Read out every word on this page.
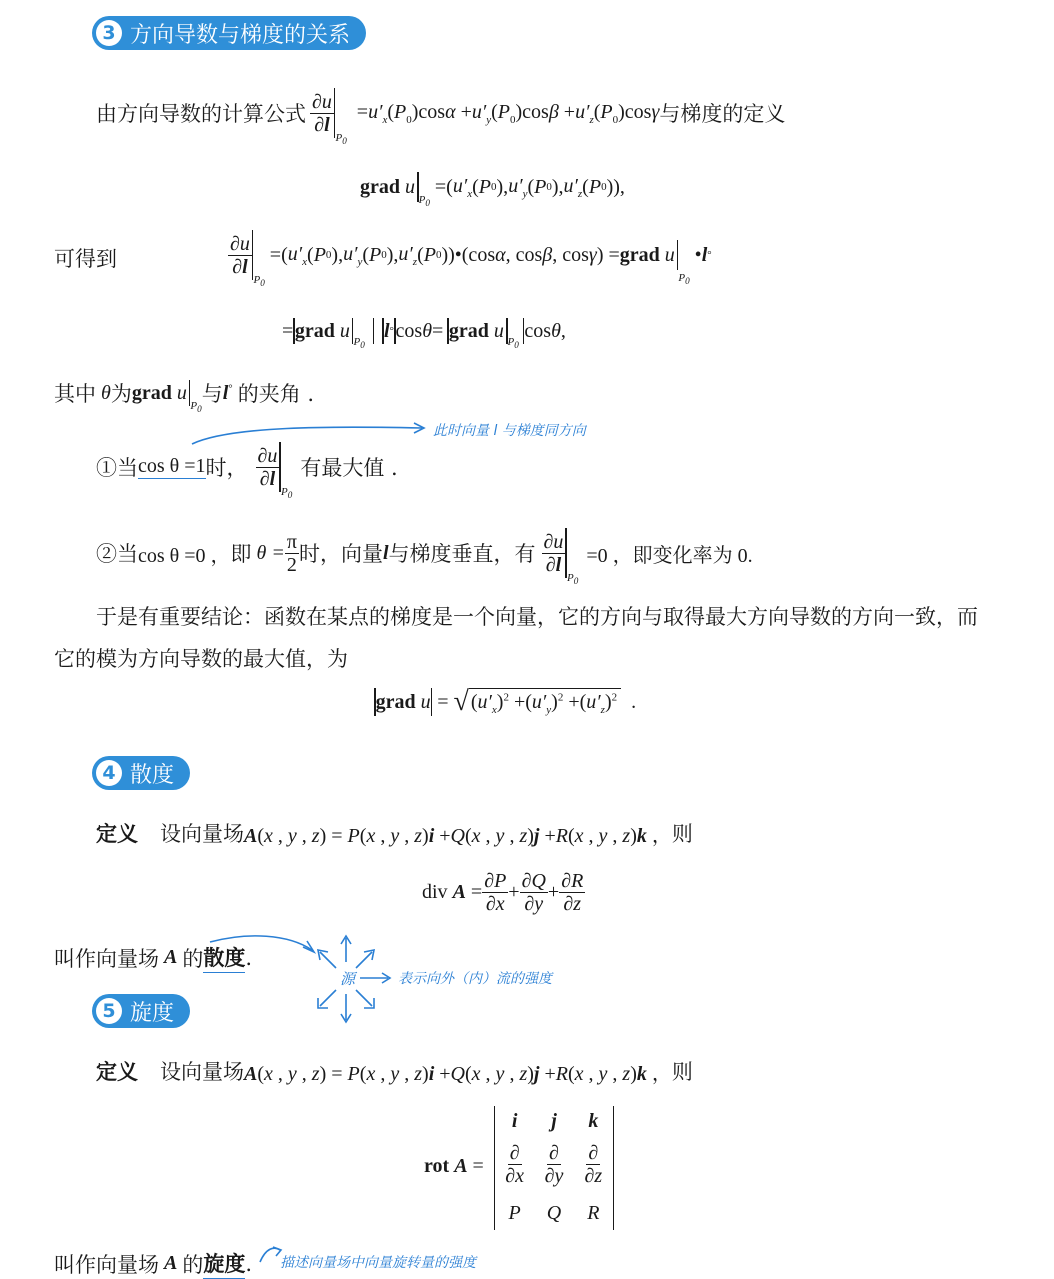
3 方向导数与梯度的关系
由方向导数的计算公式 $\frac{\partial u}{\partial l}$
$P_0$
$=u'_x(P_0)\cos\alpha +u'_y(P_0)\cos\beta +u'_z(P_0)\cos\gamma$ 与梯度的定义
grad
u
$P_0$
=( $u'_x$ ( P 0 ), $u'_y$ ( P 0 ), $u'_z$ ( P 0 )),
可得到	$\frac{\partial u}{\partial l}$
$P_0$
=( $u'_x$ ( P 0 ), $u'_y$ ( P 0 ), $u'_z$ ( P 0 ))•(cos α , cos β , cos γ ) = grad
u
$P_0$
• l °
= grad
u
$P_0$
l ° cos θ = grad
u
$P_0$
cos θ ,
其中 θ 为 grad u
$P_0$
与 l° 的夹角 .
此时向量 l 与梯度同方向
①当 cos θ =1 时， $\frac{\partial u}{\partial l}$
$P_0$
有最大值 .
②当 cos θ =0 ， 即 $\theta = \frac{\pi}{2}$ 时，向量 l 与梯度垂直，有 $\frac{\partial u}{\partial l}$
$P_0$
=0 ，即变化率为 0.
于是有重要结论：函数在某点的梯度是一个向量，它的方向与取得最大方向导数的方向一致，而
它的模为方向导数的最大值，为
grad
u = √ $(u'_x)^2 +(u'_y)^2 +(u'_z)^2$ .
4 散度
定义 设向量场 A(x , y , z) = P(x , y , z)i +Q(x , y , z)j +R(x , y , z)k ， 则
div $A = \frac{\partial P}{\partial x} + \frac{\partial Q}{\partial y} + \frac{\partial R}{\partial z}$
叫作向量场 A 的 散度 .
源	表示向外（内）流的强度
5 旋度
定义 设向量场 A(x , y , z) = P(x , y , z)i +Q(x , y , z)j +R(x , y , z)k ， 则
rot A =
i	j	k
$\frac{\partial}{\partial x} \frac{\partial}{\partial y} \frac{\partial}{\partial z}$
P	Q	R
叫作向量场 A 的 旋度 . 描述向量场中向量旋转量的强度
